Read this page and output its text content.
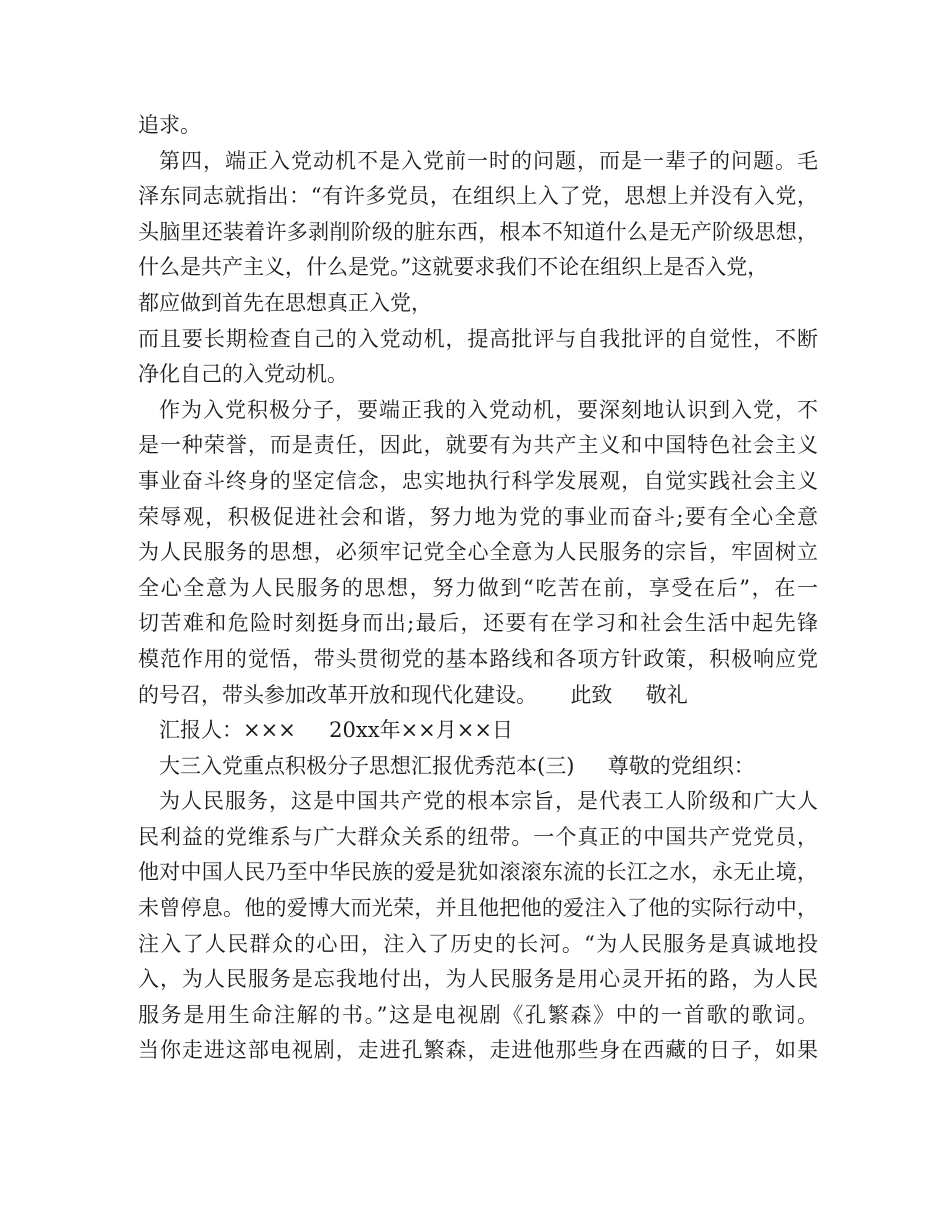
追求。
第四，端正入党动机不是入党前一时的问题，而是一辈子的问题。毛
泽东同志就指出：“有许多党员，在组织上入了党，思想上并没有入党，
头脑里还装着许多剥削阶级的脏东西，根本不知道什么是无产阶级思想，
什么是共产主义，什么是党。”这就要求我们不论在组织上是否入党，
都应做到首先在思想真正入党，
而且要长期检查自己的入党动机，提高批评与自我批评的自觉性，不断
净化自己的入党动机。
作为入党积极分子，要端正我的入党动机，要深刻地认识到入党，不
是一种荣誉，而是责任，因此，就要有为共产主义和中国特色社会主义
事业奋斗终身的坚定信念，忠实地执行科学发展观，自觉实践社会主义
荣辱观，积极促进社会和谐，努力地为党的事业而奋斗;要有全心全意
为人民服务的思想，必须牢记党全心全意为人民服务的宗旨，牢固树立
全心全意为人民服务的思想，努力做到“吃苦在前，享受在后”，在一
切苦难和危险时刻挺身而出;最后，还要有在学习和社会生活中起先锋
模范作用的觉悟，带头贯彻党的基本路线和各项方针政策，积极响应党
的号召，带头参加改革开放和现代化建设。     此致     敬礼
汇报人：×××     20xx年××月××日
大三入党重点积极分子思想汇报优秀范本(三)     尊敬的党组织：
为人民服务，这是中国共产党的根本宗旨，是代表工人阶级和广大人
民利益的党维系与广大群众关系的纽带。一个真正的中国共产党党员，
他对中国人民乃至中华民族的爱是犹如滚滚东流的长江之水，永无止境，
未曾停息。他的爱博大而光荣，并且他把他的爱注入了他的实际行动中，
注入了人民群众的心田，注入了历史的长河。“为人民服务是真诚地投
入，为人民服务是忘我地付出，为人民服务是用心灵开拓的路，为人民
服务是用生命注解的书。”这是电视剧《孔繁森》中的一首歌的歌词。
当你走进这部电视剧，走进孔繁森，走进他那些身在西藏的日子，如果
